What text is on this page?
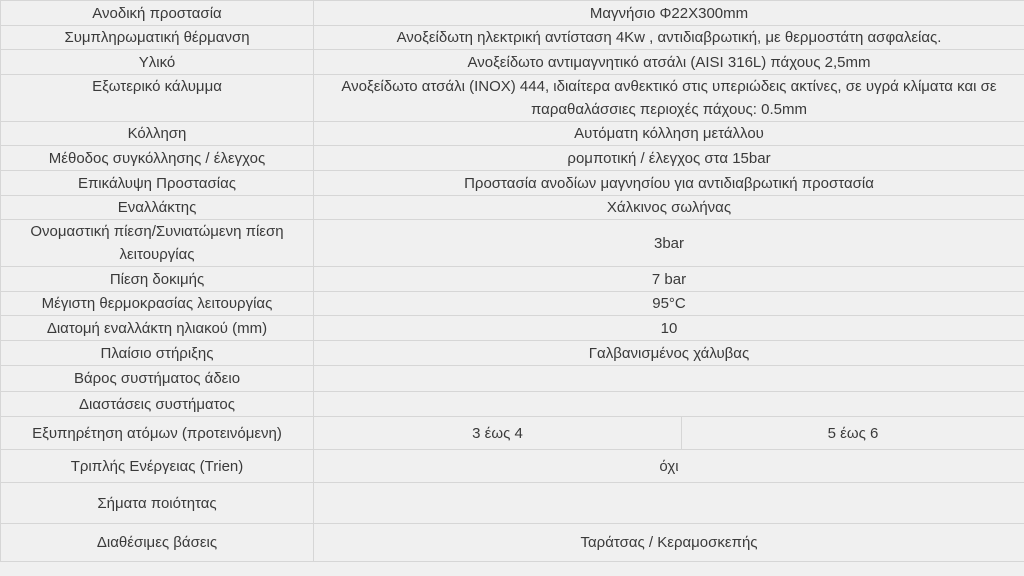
Ανοδική προστασία	Μαγνήσιο Φ22Χ300mm	
Συμπληρωματική θέρμανση	Ανοξείδωτη ηλεκτρική αντίσταση 4Kw , αντιδιαβρωτική, με θερμοστάτη ασφαλείας.	
Υλικό	Ανοξείδωτο αντιμαγνητικό ατσάλι (AISI 316L) πάχους 2,5mm	
Εξωτερικό κάλυμμα	Ανοξείδωτο ατσάλι (INOX) 444, ιδιαίτερα ανθεκτικό στις υπεριώδεις ακτίνες, σε υγρά κλίματα και σε παραθαλάσσιες περιοχές πάχους: 0.5mm	
Κόλληση	Αυτόματη κόλληση μετάλλου	
Μέθοδος συγκόλλησης / έλεγχος	ρομποτική / έλεγχος στα 15bar	
Επικάλυψη Προστασίας	Προστασία ανοδίων μαγνησίου για αντιδιαβρωτική προστασία	
Εναλλάκτης	Χάλκινος σωλήνας	
Ονομαστική πίεση/Συνιατώμενη πίεση λειτουργίας	3bar	
Πίεση δοκιμής	7 bar	
Μέγιστη θερμοκρασίας λειτουργίας	95°C	
Διατομή εναλλάκτη ηλιακού (mm)	10	
Πλαίσιο στήριξης	Γαλβανισμένος χάλυβας	
Βάρος συστήματος άδειο		
Διαστάσεις συστήματος		
Εξυπηρέτηση ατόμων (προτεινόμενη)	3 έως 4	5 έως 6
Τριπλής Ενέργειας (Trien)	όχι	
Σήματα ποιότητας		
Διαθέσιμες βάσεις	Ταράτσας / Κεραμοσκεπής	
